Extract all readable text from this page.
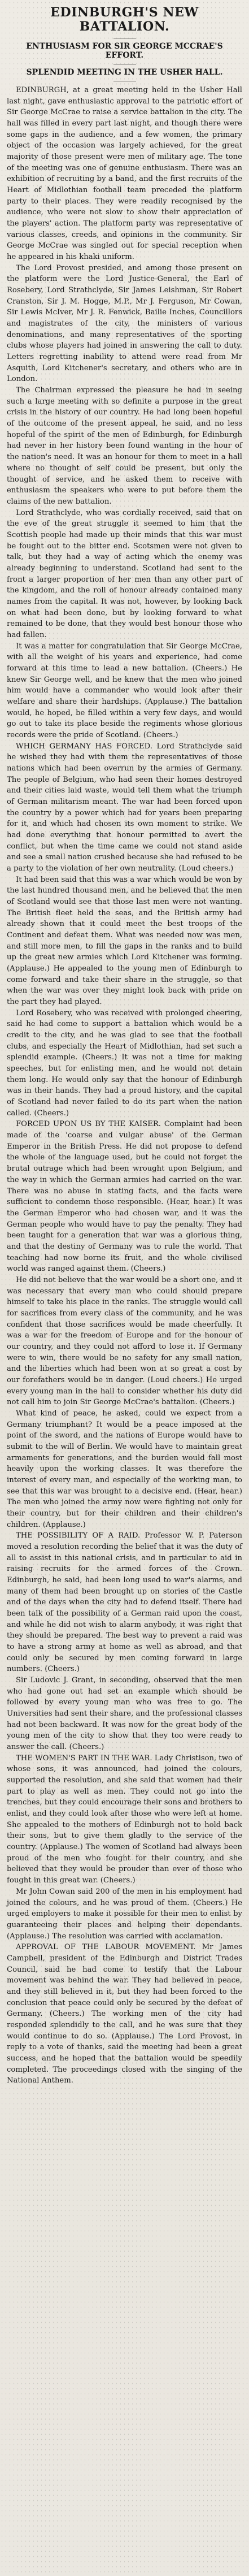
EDINBURGH'S NEW BATTALION.
ENTHUSIASM FOR SIR GEORGE MCCRAE'S EFFORT.
SPLENDID MEETING IN THE USHER HALL.

EDINBURGH, at a great meeting held in the Usher Hall last night, gave enthusiastic approval to the patriotic effort of Sir George McCrae to raise a service battalion in the city. The hall was filled in every part last night, and though there were some gaps in the audience, and a few women, the primary object of the occasion was largely achieved, for the great majority of those present were men of military age. The tone of the meeting was one of genuine enthusiasm. There was an exhibition of recruiting by a band, and the first recruits of the Heart of Midlothian football team preceded the platform party to their places. They were readily recognised by the audience, who were not slow to show their appreciation of the players' action. The platform party was representative of various classes, creeds, and opinions in the community. Sir George McCrae was singled out for special reception when he appeared in his khaki uniform.

The Lord Provost presided, and among those present on the platform were the Lord Justice-General, the Earl of Rosebery, Lord Strathclyde, Sir James Leishman, Sir Robert Cranston, Sir J. M. Hogge, M.P., Mr J. Ferguson, Mr Cowan, Sir Lewis McIver, Mr J. R. Fenwick, Bailie Inches, Councillors and magistrates of the city, the ministers of various denominations, and many representatives of the sporting clubs whose players had joined in answering the call to duty. Letters regretting inability to attend were read from Mr Asquith, Lord Kitchener's secretary, and others who are in London.

The Chairman expressed the pleasure he had in seeing such a large meeting with so definite a purpose in the great crisis in the history of our country. He had long been hopeful of the outcome of the present appeal, he said, and no less hopeful of the spirit of the men of Edinburgh, for Edinburgh had never in her history been found wanting in the hour of the nation's need. It was an honour for them to meet in a hall where no thought of self could be present, but only the thought of service, and he asked them to receive with enthusiasm the speakers who were to put before them the claims of the new battalion.

Lord Strathclyde, who was cordially received, said that on the eve of the great struggle it seemed to him that the Scottish people had made up their minds that this war must be fought out to the bitter end. Scotsmen were not given to talk, but they had a way of acting which the enemy was already beginning to understand. Scotland had sent to the front a larger proportion of her men than any other part of the kingdom, and the roll of honour already contained many names from the capital. It was not, however, by looking back on what had been done, but by looking forward to what remained to be done, that they would best honour those who had fallen.

It was a matter for congratulation that Sir George McCrae, with all the weight of his years and experience, had come forward at this time to lead a new battalion. (Cheers.) He knew Sir George well, and he knew that the men who joined him would have a commander who would look after their welfare and share their hardships. (Applause.) The battalion would, he hoped, be filled within a very few days, and would go out to take its place beside the regiments whose glorious records were the pride of Scotland. (Cheers.)

WHICH GERMANY HAS FORCED. Lord Strathclyde said he wished they had with them the representatives of those nations which had been overrun by the armies of Germany. The people of Belgium, who had seen their homes destroyed and their cities laid waste, would tell them what the triumph of German militarism meant. The war had been forced upon the country by a power which had for years been preparing for it, and which had chosen its own moment to strike. We had done everything that honour permitted to avert the conflict, but when the time came we could not stand aside and see a small nation crushed because she had refused to be a party to the violation of her own neutrality. (Loud cheers.)

It had been said that this was a war which would be won by the last hundred thousand men, and he believed that the men of Scotland would see that those last men were not wanting. The British fleet held the seas, and the British army had already shown that it could meet the best troops of the Continent and defeat them. What was needed now was men, and still more men, to fill the gaps in the ranks and to build up the great new armies which Lord Kitchener was forming. (Applause.) He appealed to the young men of Edinburgh to come forward and take their share in the struggle, so that when the war was over they might look back with pride on the part they had played.

Lord Rosebery, who was received with prolonged cheering, said he had come to support a battalion which would be a credit to the city, and he was glad to see that the football clubs, and especially the Heart of Midlothian, had set such a splendid example. (Cheers.) It was not a time for making speeches, but for enlisting men, and he would not detain them long. He would only say that the honour of Edinburgh was in their hands. They had a proud history, and the capital of Scotland had never failed to do its part when the nation called. (Cheers.)

FORCED UPON US BY THE KAISER. Complaint had been made of the 'coarse and vulgar abuse' of the German Emperor in the British Press. He did not propose to defend the whole of the language used, but he could not forget the brutal outrage which had been wrought upon Belgium, and the way in which the German armies had carried on the war. There was no abuse in stating facts, and the facts were sufficient to condemn those responsible. (Hear, hear.) It was the German Emperor who had chosen war, and it was the German people who would have to pay the penalty. They had been taught for a generation that war was a glorious thing, and that the destiny of Germany was to rule the world. That teaching had now borne its fruit, and the whole civilised world was ranged against them. (Cheers.)

He did not believe that the war would be a short one, and it was necessary that every man who could should prepare himself to take his place in the ranks. The struggle would call for sacrifices from every class of the community, and he was confident that those sacrifices would be made cheerfully. It was a war for the freedom of Europe and for the honour of our country, and they could not afford to lose it. If Germany were to win, there would be no safety for any small nation, and the liberties which had been won at so great a cost by our forefathers would be in danger. (Loud cheers.) He urged every young man in the hall to consider whether his duty did not call him to join Sir George McCrae's battalion. (Cheers.)

What kind of peace, he asked, could we expect from a Germany triumphant? It would be a peace imposed at the point of the sword, and the nations of Europe would have to submit to the will of Berlin. We would have to maintain great armaments for generations, and the burden would fall most heavily upon the working classes. It was therefore the interest of every man, and especially of the working man, to see that this war was brought to a decisive end. (Hear, hear.) The men who joined the army now were fighting not only for their country, but for their children and their children's children. (Applause.)

THE POSSIBILITY OF A RAID. Professor W. P. Paterson moved a resolution recording the belief that it was the duty of all to assist in this national crisis, and in particular to aid in raising recruits for the armed forces of the Crown. Edinburgh, he said, had been long used to war's alarms, and many of them had been brought up on stories of the Castle and of the days when the city had to defend itself. There had been talk of the possibility of a German raid upon the coast, and while he did not wish to alarm anybody, it was right that they should be prepared. The best way to prevent a raid was to have a strong army at home as well as abroad, and that could only be secured by men coming forward in large numbers. (Cheers.)

Sir Ludovic J. Grant, in seconding, observed that the men who had gone out had set an example which should be followed by every young man who was free to go. The Universities had sent their share, and the professional classes had not been backward. It was now for the great body of the young men of the city to show that they too were ready to answer the call. (Cheers.)

THE WOMEN'S PART IN THE WAR. Lady Christison, two of whose sons, it was announced, had joined the colours, supported the resolution, and she said that women had their part to play as well as men. They could not go into the trenches, but they could encourage their sons and brothers to enlist, and they could look after those who were left at home. She appealed to the mothers of Edinburgh not to hold back their sons, but to give them gladly to the service of the country. (Applause.) The women of Scotland had always been proud of the men who fought for their country, and she believed that they would be prouder than ever of those who fought in this great war. (Cheers.)

Mr John Cowan said 200 of the men in his employment had joined the colours, and he was proud of them. (Cheers.) He urged employers to make it possible for their men to enlist by guaranteeing their places and helping their dependants. (Applause.) The resolution was carried with acclamation.

APPROVAL OF THE LABOUR MOVEMENT. Mr James Campbell, president of the Edinburgh and District Trades Council, said he had come to testify that the Labour movement was behind the war. They had believed in peace, and they still believed in it, but they had been forced to the conclusion that peace could only be secured by the defeat of Germany. (Cheers.) The working men of the city had responded splendidly to the call, and he was sure that they would continue to do so. (Applause.) The Lord Provost, in reply to a vote of thanks, said the meeting had been a great success, and he hoped that the battalion would be speedily completed. The proceedings closed with the singing of the National Anthem.
